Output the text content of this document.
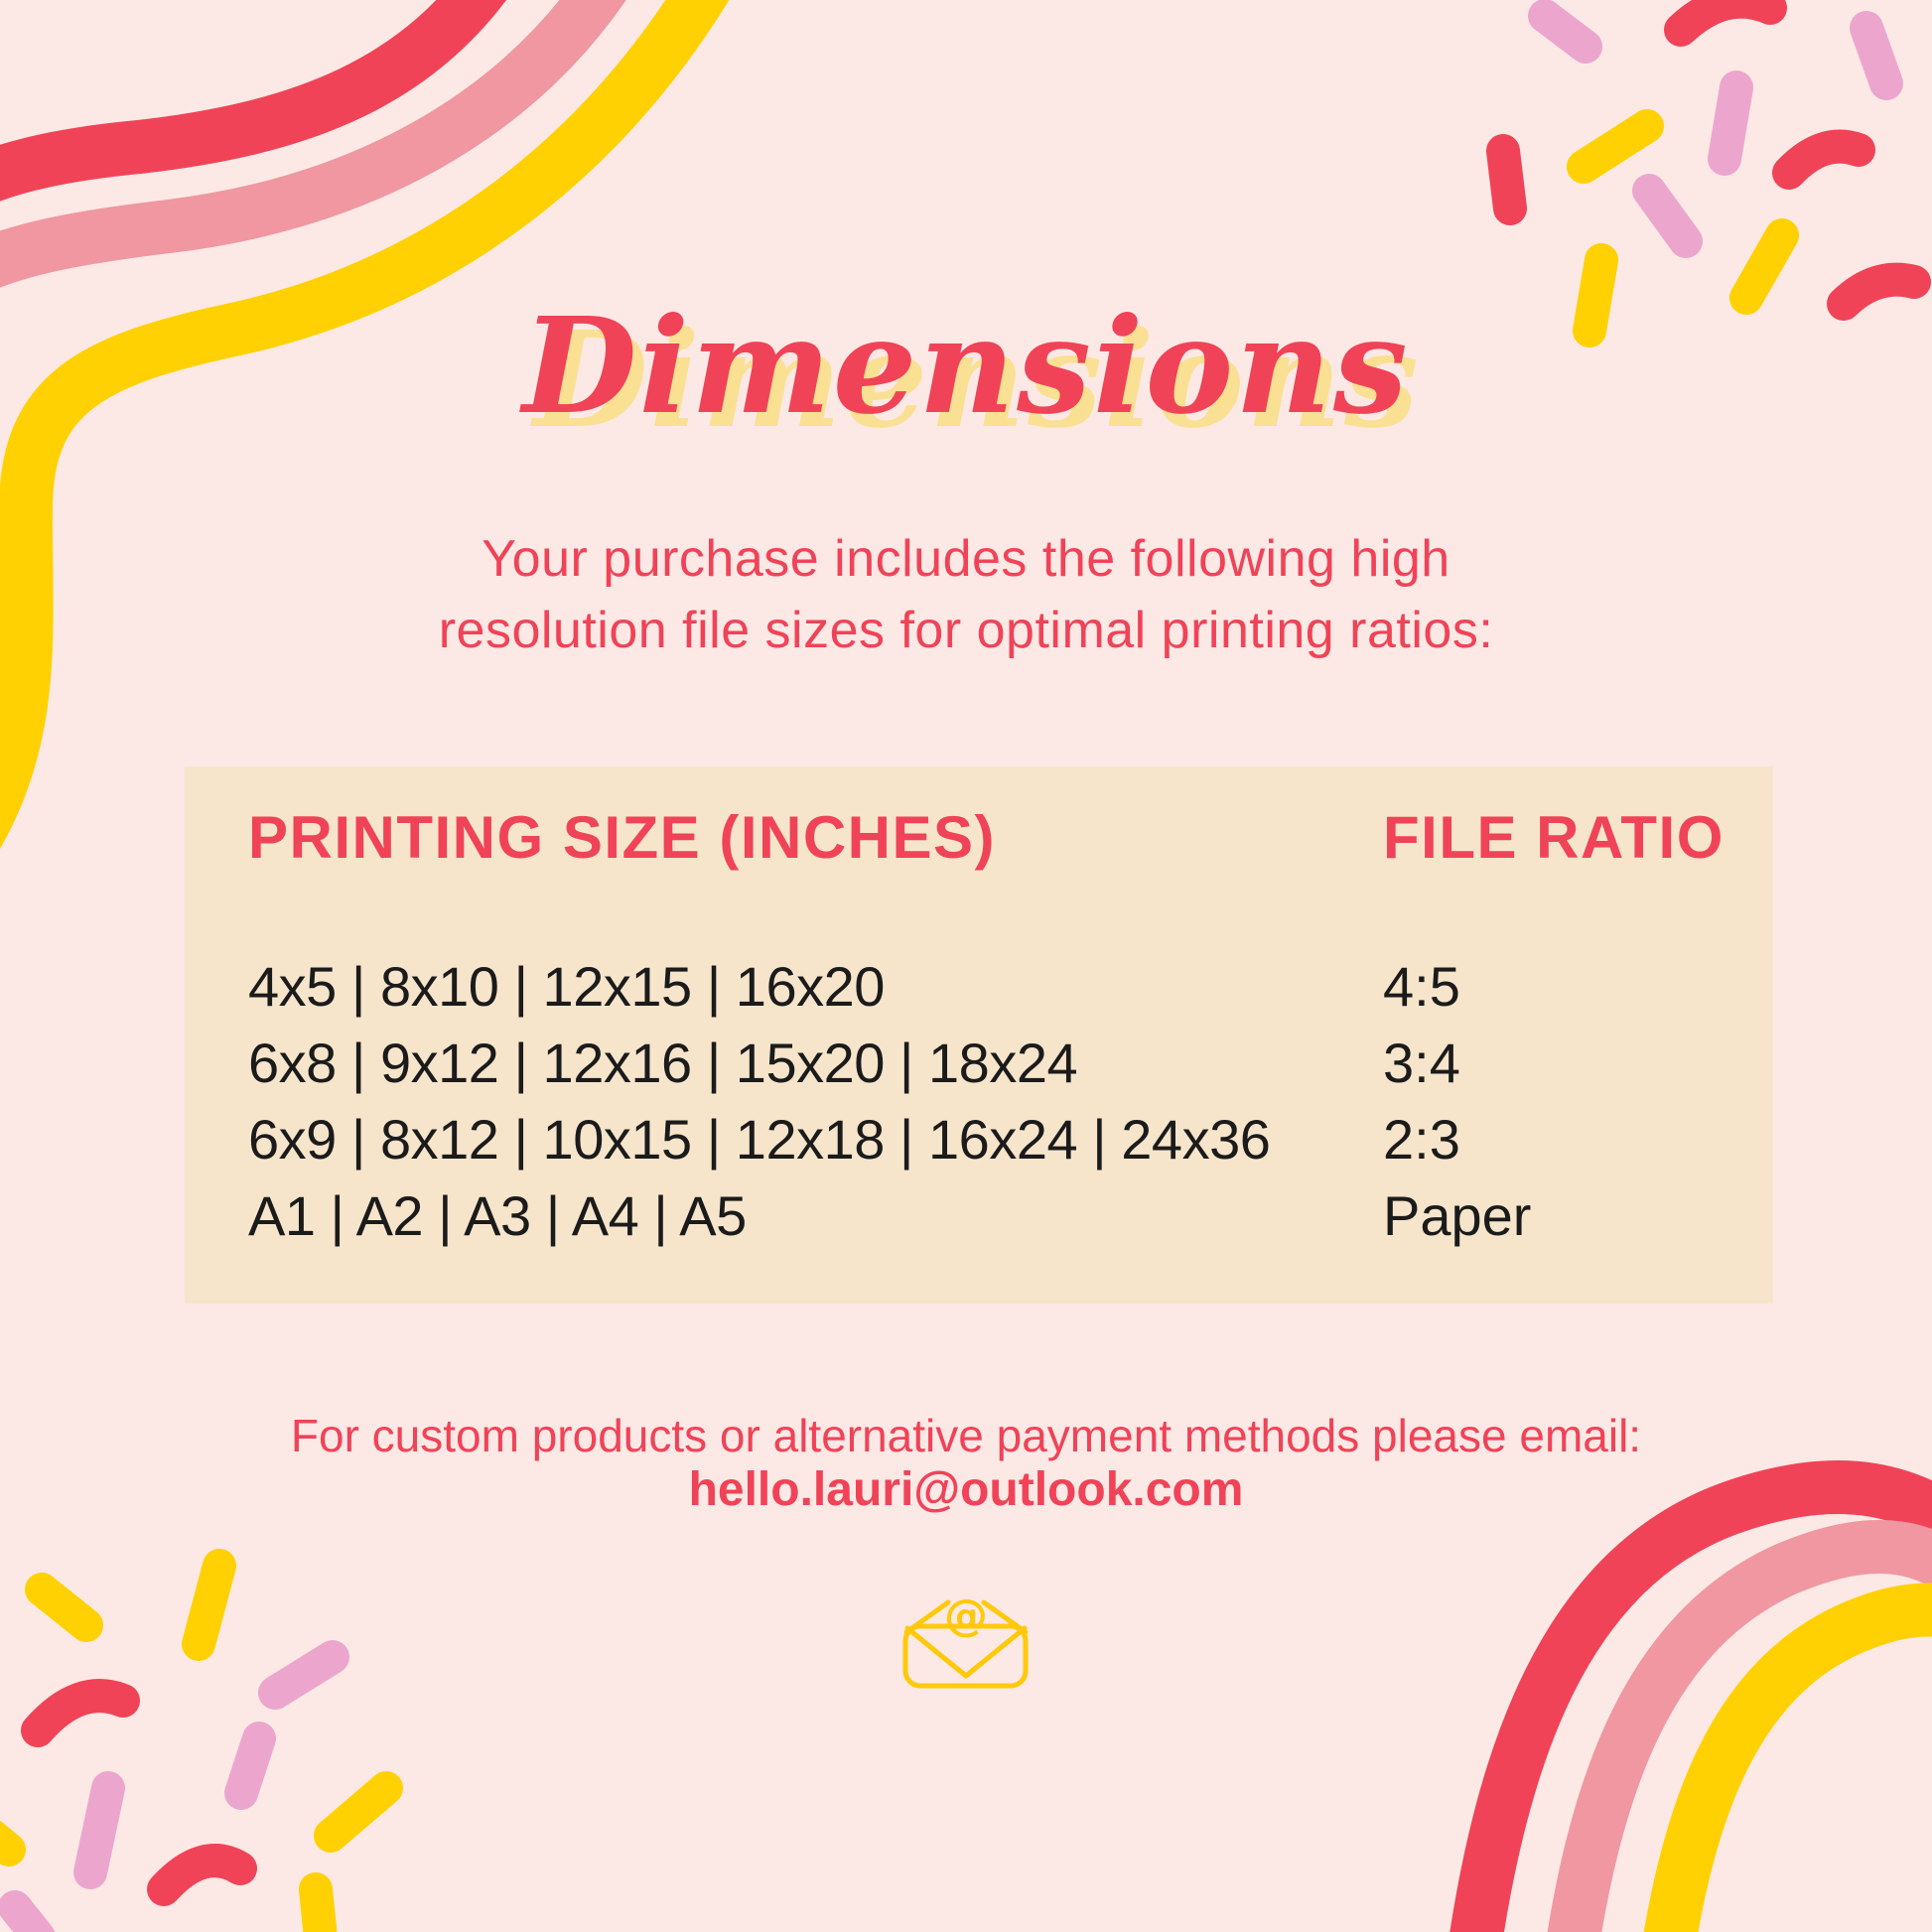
Dimensions

Your purchase includes the following high
resolution file sizes for optimal printing ratios:

PRINTING SIZE (INCHES)	FILE RATIO

4x5 | 8x10 | 12x15 | 16x20
6x8 | 9x12 | 12x16 | 15x20 | 18x24
6x9 | 8x12 | 10x15 | 12x18 | 16x24 | 24x36
A1 | A2 | A3 | A4 | A5
4:5
3:4
2:3
Paper

For custom products or alternative payment methods please email:

hello.lauri@outlook.com

@
